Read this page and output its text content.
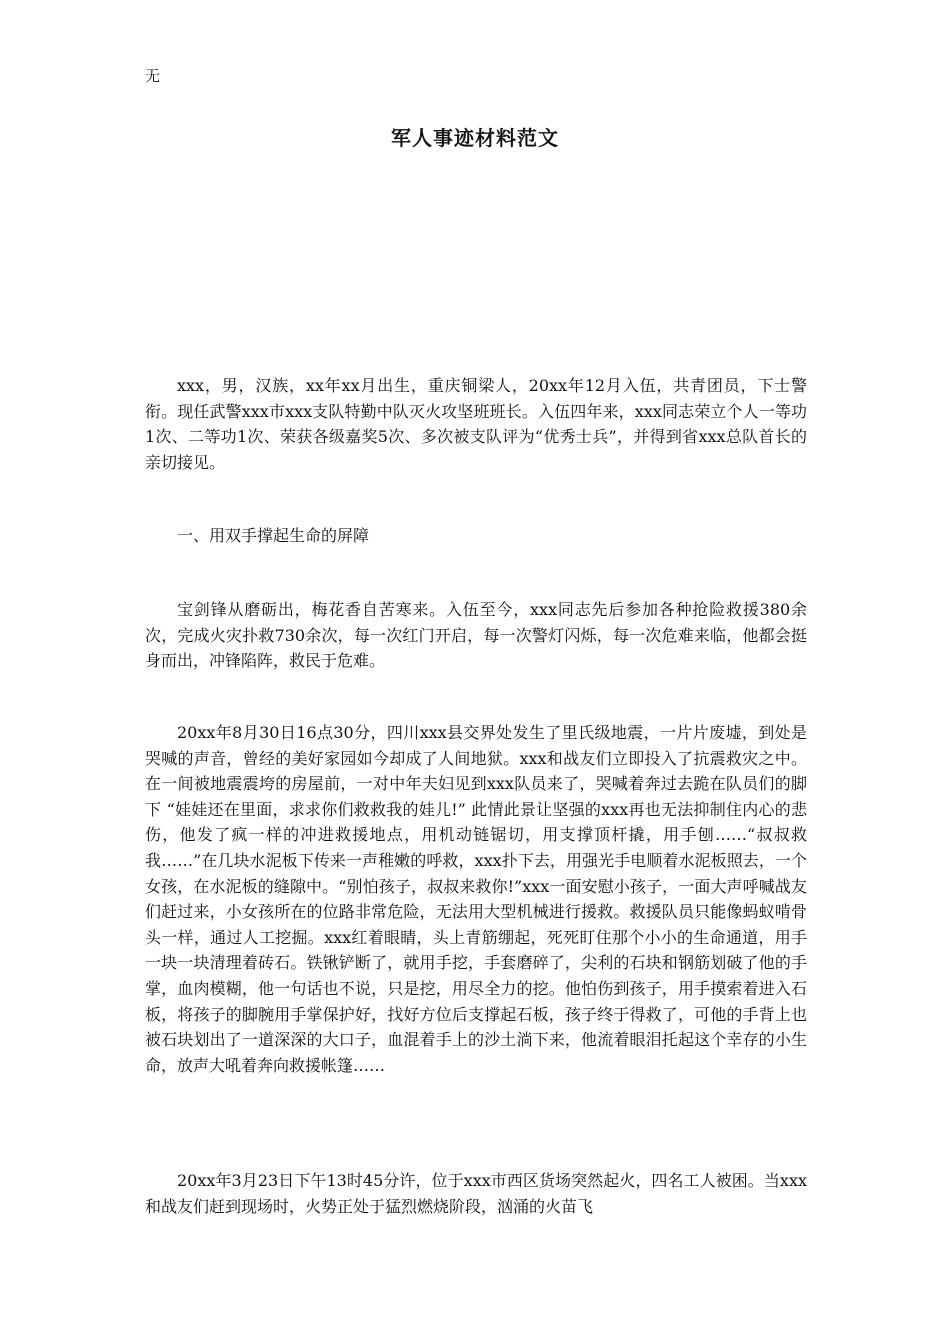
无
军人事迹材料范文

xxx，男，汉族，xx年xx月出生，重庆铜梁人，20xx年12月入伍，共青团员，下士警衔。现任武警xxx市xxx支队特勤中队灭火攻坚班班长。入伍四年来，xxx同志荣立个人一等功1次、二等功1次、荣获各级嘉奖5次、多次被支队评为“优秀士兵”，并得到省xxx总队首长的亲切接见。

一、用双手撑起生命的屏障

宝剑锋从磨砺出，梅花香自苦寒来。入伍至今，xxx同志先后参加各种抢险救援380余次，完成火灾扑救730余次，每一次红门开启，每一次警灯闪烁，每一次危难来临，他都会挺身而出，冲锋陷阵，救民于危难。

20xx年8月30日16点30分，四川xxx县交界处发生了里氏级地震，一片片废墟，到处是哭喊的声音，曾经的美好家园如今却成了人间地狱。xxx和战友们立即投入了抗震救灾之中。在一间被地震震垮的房屋前，一对中年夫妇见到xxx队员来了，哭喊着奔过去跪在队员们的脚下 “娃娃还在里面，求求你们救救我的娃儿!” 此情此景让坚强的xxx再也无法抑制住内心的悲伤，他发了疯一样的冲进救援地点，用机动链锯切，用支撑顶杆撬，用手刨……“叔叔救我……”在几块水泥板下传来一声稚嫩的呼救，xxx扑下去，用强光手电顺着水泥板照去，一个女孩，在水泥板的缝隙中。“别怕孩子，叔叔来救你!”xxx一面安慰小孩子，一面大声呼喊战友们赶过来，小女孩所在的位路非常危险，无法用大型机械进行援救。救援队员只能像蚂蚁啃骨头一样，通过人工挖掘。xxx红着眼睛，头上青筋绷起，死死盯住那个小小的生命通道，用手一块一块清理着砖石。铁锹铲断了，就用手挖，手套磨碎了，尖利的石块和钢筋划破了他的手掌，血肉模糊，他一句话也不说，只是挖，用尽全力的挖。他怕伤到孩子，用手摸索着进入石板，将孩子的脚腕用手掌保护好，找好方位后支撑起石板，孩子终于得救了，可他的手背上也被石块划出了一道深深的大口子，血混着手上的沙土淌下来，他流着眼泪托起这个幸存的小生命，放声大吼着奔向救援帐篷……

20xx年3月23日下午13时45分许，位于xxx市西区货场突然起火，四名工人被困。当xxx和战友们赶到现场时，火势正处于猛烈燃烧阶段，汹涌的火苗飞
